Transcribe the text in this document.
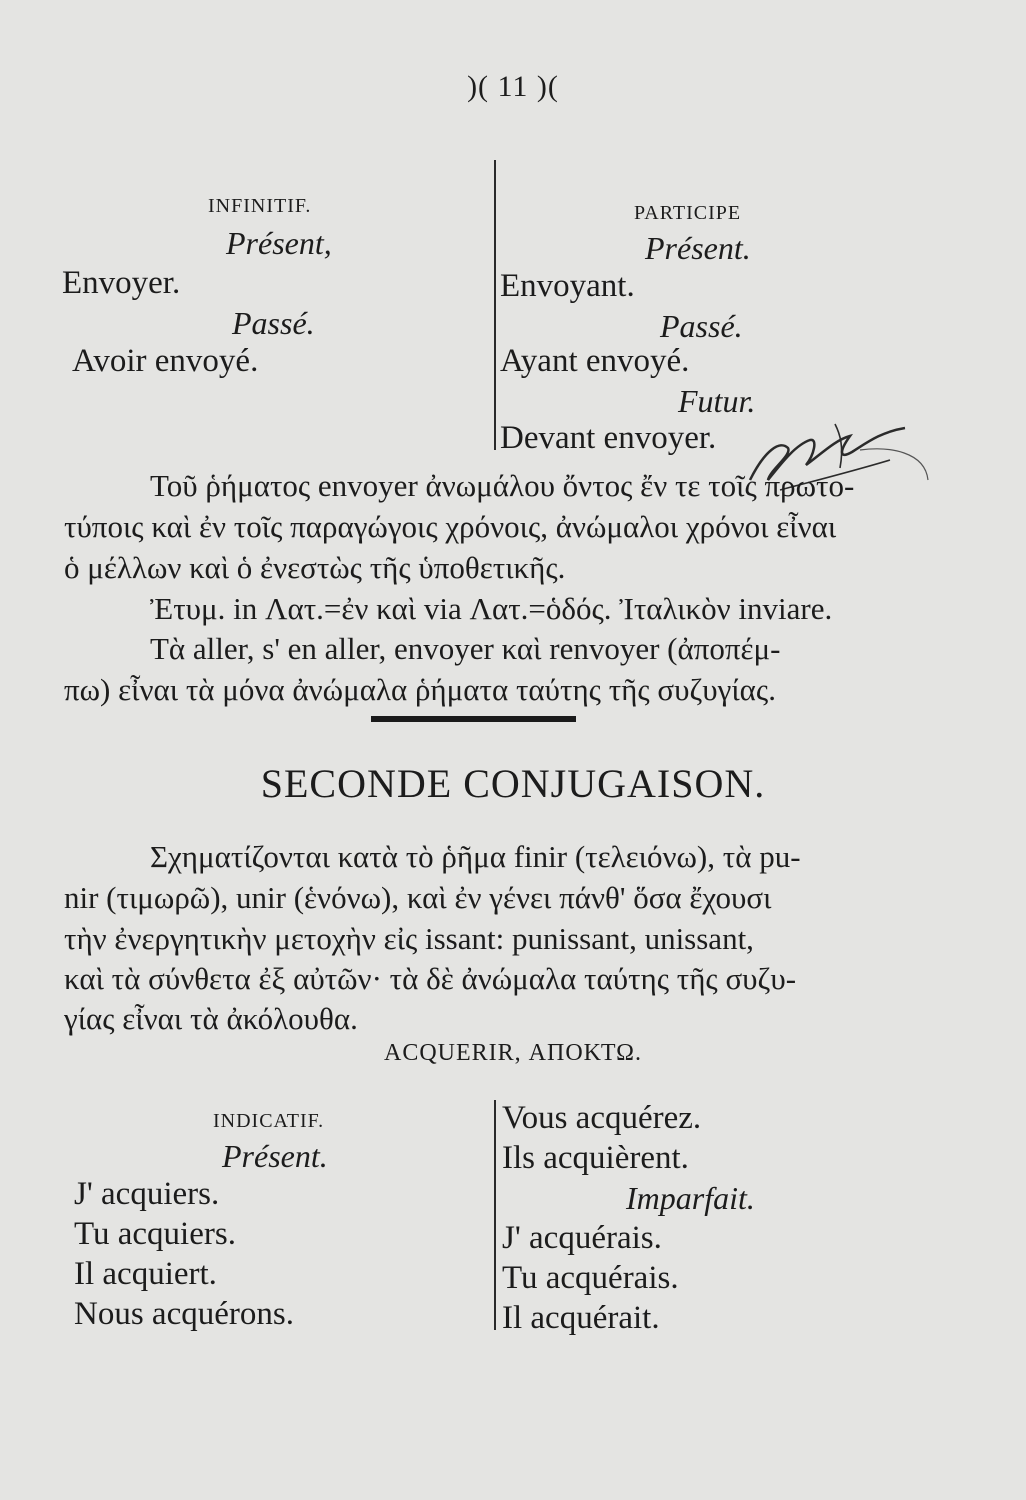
)( 11 )(
INFINITIF.
Présent,
Envoyer.
Passé.
Avoir envoyé.
PARTICIPE
Présent.
Envoyant.
Passé.
Ayant envoyé.
Futur.
Devant envoyer.
Τοῦ ῥήματος envoyer ἀνωμάλου ὄντος ἔν τε τοῖς πρωτο-
τύποις καὶ ἐν τοῖς παραγώγοις χρόνοις, ἀνώμαλοι χρόνοι εἶναι
ὁ μέλλων καὶ ὁ ἐνεστὼς τῆς ὑποθετικῆς.
Ἐτυμ. in Λατ.=ἐν καὶ via Λατ.=ὁδός. Ἰταλικὸν inviare.
Τὰ aller, s' en aller, envoyer καὶ renvoyer (ἀποπέμ-
πω) εἶναι τὰ μόνα ἀνώμαλα ῥήματα ταύτης τῆς συζυγίας.
SECONDE CONJUGAISON.
Σχηματίζονται κατὰ τὸ ῥῆμα finir (τελειόνω), τὰ pu-
nir (τιμωρῶ), unir (ἑνόνω), καὶ ἐν γένει πάνθ' ὅσα ἔχουσι
τὴν ἐνεργητικὴν μετοχὴν εἰς issant: punissant, unissant,
καὶ τὰ σύνθετα ἐξ αὐτῶν· τὰ δὲ ἀνώμαλα ταύτης τῆς συζυ-
γίας εἶναι τὰ ἀκόλουθα.
ACQUERIR, ΑΠΟΚΤΩ.
INDICATIF.
Présent.
J' acquiers.
Tu acquiers.
Il acquiert.
Nous acquérons.
Vous acquérez.
Ils acquièrent.
Imparfait.
J' acquérais.
Tu acquérais.
Il acquérait.
